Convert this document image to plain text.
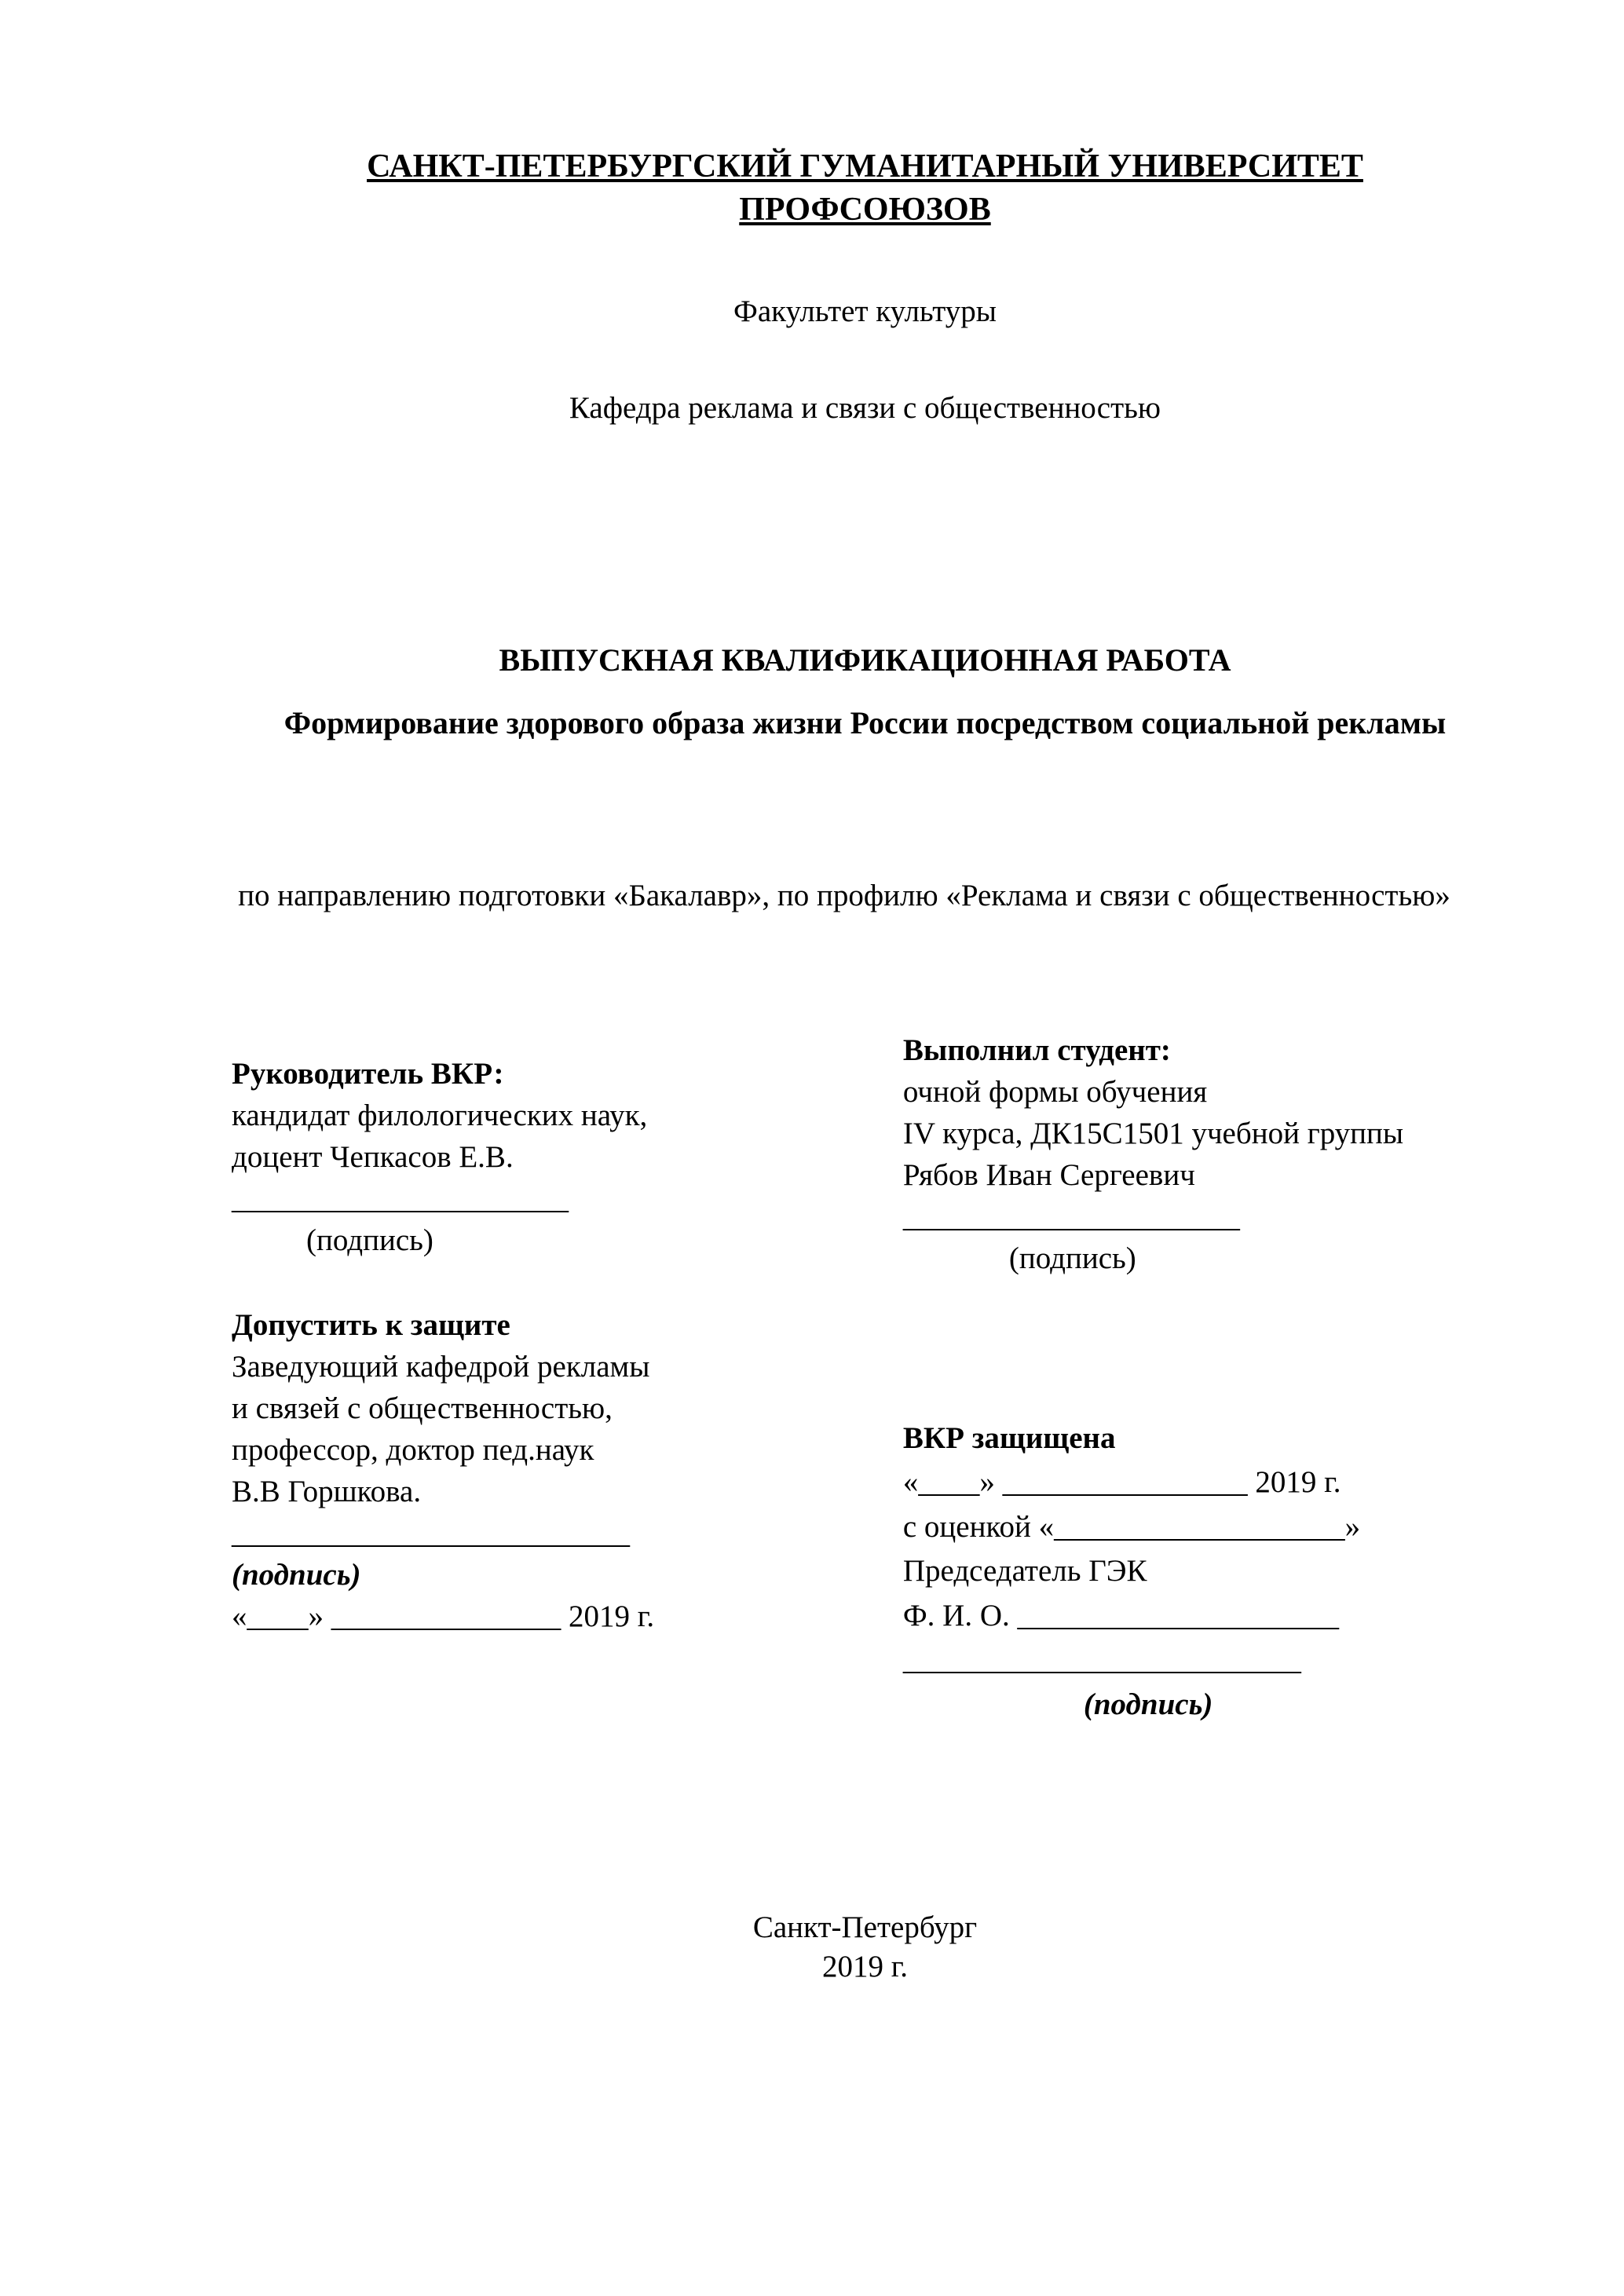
САНКТ-ПЕТЕРБУРГСКИЙ ГУМАНИТАРНЫЙ УНИВЕРСИТЕТ ПРОФСОЮЗОВ

Факультет культуры

Кафедра реклама и связи с общественностью

ВЫПУСКНАЯ КВАЛИФИКАЦИОННАЯ РАБОТА

Формирование здорового образа жизни России посредством социальной рекламы

по направлению подготовки «Бакалавр», по профилю «Реклама и связи с общественностью»

Руководитель ВКР:

кандидат филологических наук,

доцент Чепкасов Е.В.

______________________

(подпись)

Допустить к защите

Заведующий кафедрой рекламы

и связей с общественностью,

профессор, доктор пед.наук

В.В Горшкова.

__________________________

(подпись)

«____» _______________ 2019 г.

Выполнил студент:

очной формы обучения

IV курса, ДК15С1501 учебной группы

Рябов Иван Сергеевич

______________________

(подпись)

ВКР защищена

«____» ________________ 2019 г.

с оценкой «___________________»

Председатель ГЭК

Ф. И. О. _____________________

__________________________

(подпись)

Санкт-Петербург

2019 г.
